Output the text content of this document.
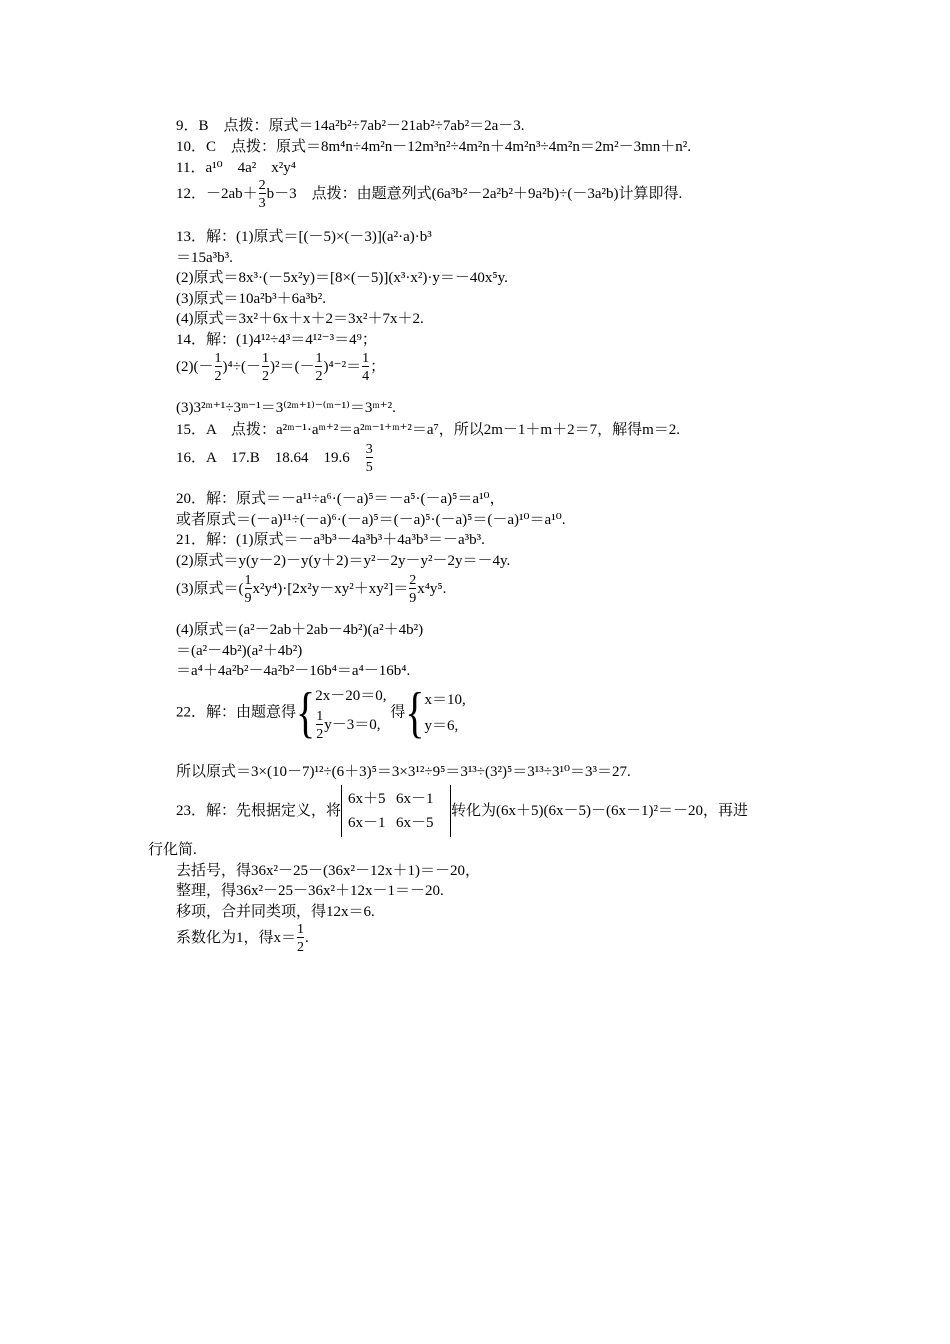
9．B　点拨：原式＝14a²b²÷7ab²－21ab²÷7ab²＝2a－3.
10．C　点拨：原式＝8m⁴n÷4m²n－12m³n²÷4m²n＋4m²n³÷4m²n＝2m²－3mn＋n².
11．a¹⁰　4a²　x²y⁴
12．$-2ab+ \frac{2}{3} b-3$　点拨：由题意列式(6a³b²－2a²b²＋9a²b)÷(－3a²b)计算即得.
13．解：(1)原式＝[(－5)×(－3)](a²·a)·b³
＝15a³b³.
(2)原式＝8x³·(－5x²y)＝[8×(－5)](x³·x²)·y＝－40x⁵y.
(3)原式＝10a²b³＋6a³b².
(4)原式＝3x²＋6x＋x＋2＝3x²＋7x＋2.
14．解：(1)4¹²÷4³＝4¹²⁻³＝4⁹；
$(2)(- \frac{1}{2} )^4\div(- \frac{1}{2} )^2=(- \frac{1}{2} )^{4-2}= \frac{1}{4}$ ；
(3)3²ᵐ⁺¹÷3ᵐ⁻¹＝3⁽²ᵐ⁺¹⁾⁻⁽ᵐ⁻¹⁾＝3ᵐ⁺².
15．A　点拨：a²ᵐ⁻¹·aᵐ⁺²＝a²ᵐ⁻¹⁺ᵐ⁺²＝a⁷，所以2m－1＋m＋2＝7，解得m＝2.
16．A　17.B　18.64　19.6　 $\frac{3}{5}$
20．解：原式＝－a¹¹÷a⁶·(－a)⁵＝－a⁵·(－a)⁵＝a¹⁰，
或者原式＝(－a)¹¹÷(－a)⁶·(－a)⁵＝(－a)⁵·(－a)⁵＝(－a)¹⁰＝a¹⁰.
21．解：(1)原式＝－a³b³－4a³b³＋4a³b³＝－a³b³.
(2)原式＝y(y－2)－y(y＋2)＝y²－2y－y²－2y＝－4y.
(3)原式＝( $\frac{1}{9} x^2y^4)\cdot[2x^2y-xy^2+xy^2]= \frac{2}{9} x^4y^5$.
(4)原式＝(a²－2ab＋2ab－4b²)(a²＋4b²)
＝(a²－4b²)(a²＋4b²)
＝a⁴＋4a²b²－4a²b²－16b⁴＝a⁴－16b⁴.
22．解：由题意得{ 2x－20＝0,
$\frac{1}{2} y-3=0$,
得{ x＝10,
y＝6,
所以原式＝3×(10－7)¹²÷(6＋3)⁵＝3×3¹²÷9⁵＝3¹³÷(3²)⁵＝3¹³÷3¹⁰＝3³＝27.
23．解：先根据定义，将6x＋5 6x－1
6x－1 6x－5转化为(6x＋5)(6x－5)－(6x－1)²＝－20，再进
行化简.
去括号，得36x²－25－(36x²－12x＋1)＝－20，
整理，得36x²－25－36x²＋12x－1＝－20.
移项，合并同类项，得12x＝6.
系数化为1，得$x= \frac{1}{2}$ .
